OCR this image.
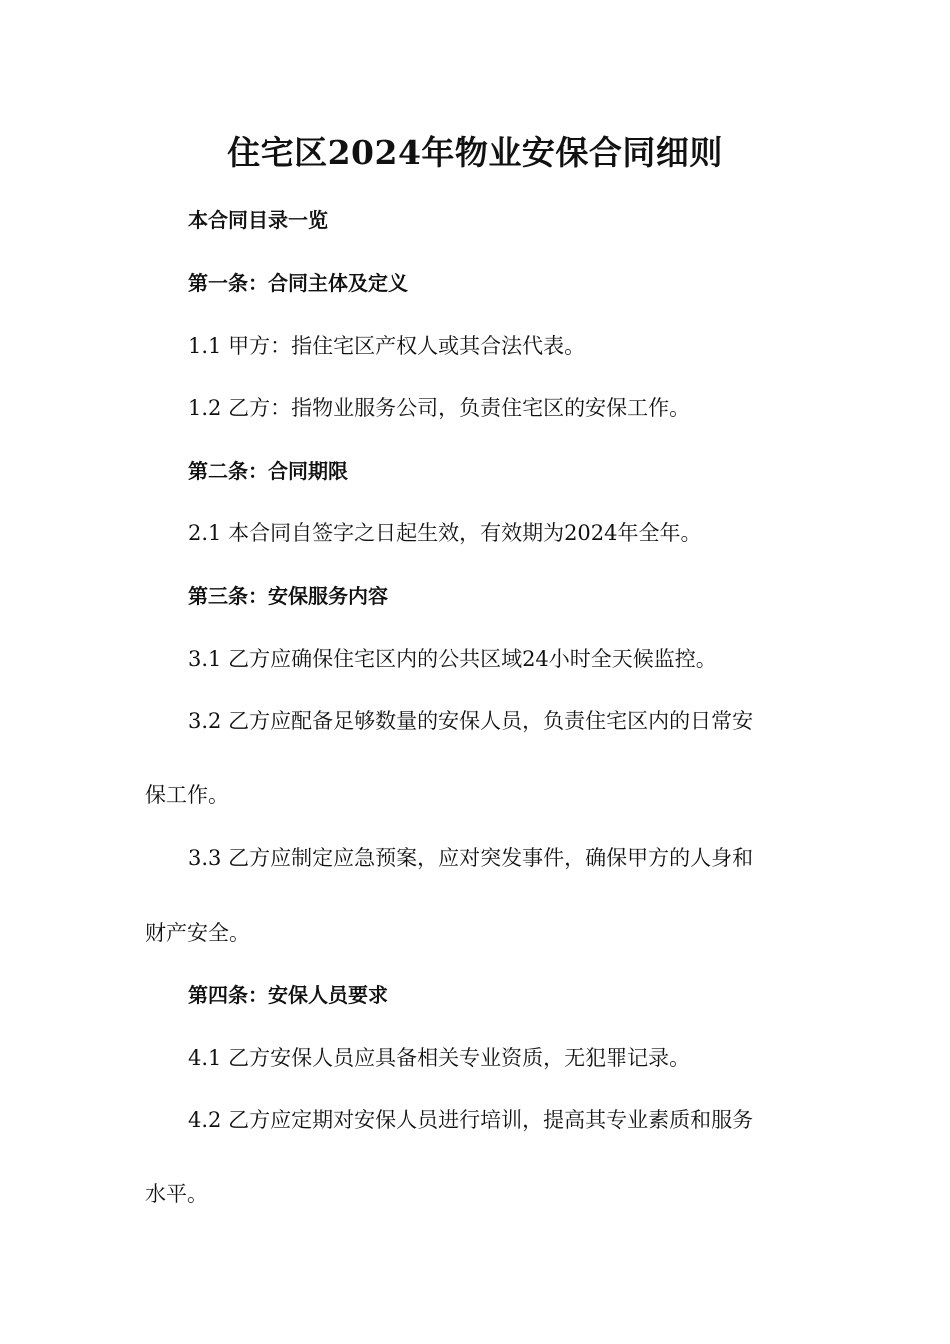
住宅区2024年物业安保合同细则

本合同目录一览

第一条：合同主体及定义

1.1 甲方：指住宅区产权人或其合法代表。

1.2 乙方：指物业服务公司，负责住宅区的安保工作。

第二条：合同期限

2.1 本合同自签字之日起生效，有效期为2024年全年。

第三条：安保服务内容

3.1 乙方应确保住宅区内的公共区域24小时全天候监控。

3.2 乙方应配备足够数量的安保人员，负责住宅区内的日常安

保工作。

3.3 乙方应制定应急预案，应对突发事件，确保甲方的人身和

财产安全。

第四条：安保人员要求

4.1 乙方安保人员应具备相关专业资质，无犯罪记录。

4.2 乙方应定期对安保人员进行培训，提高其专业素质和服务

水平。
